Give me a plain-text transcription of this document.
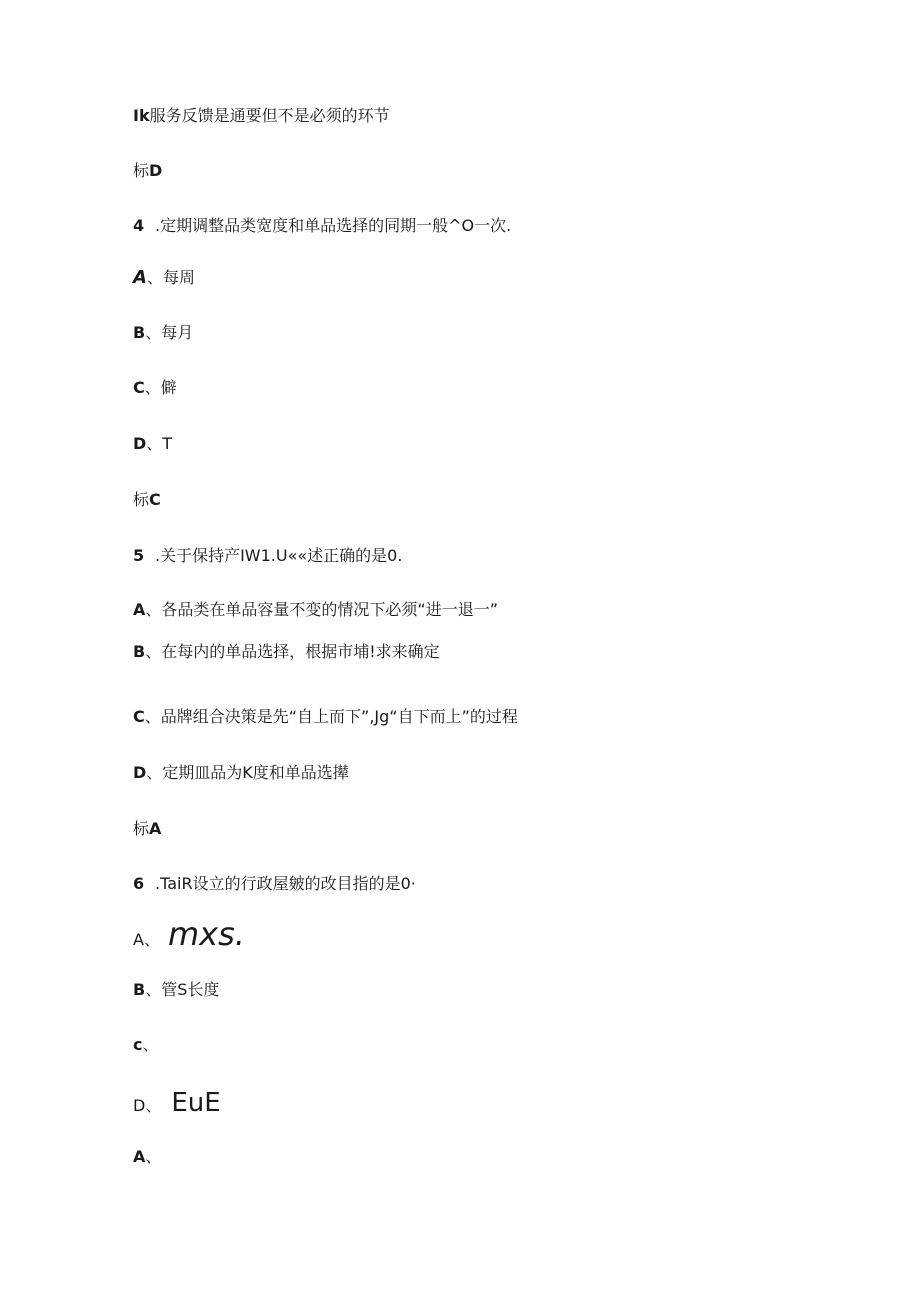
Ik服务反馈是通要但不是必须的环节
标D
4 .定期调整品类宽度和单品选择的同期一般^O一次.
A、每周
B、每月
C、僻
D、T
标C
5 .关于保持产IW1.U««述正确的是0.
A、各品类在单品容量不变的情况下必须“进一退一”
B、在每内的单品选择，根据市埔!求来确定
C、品牌组合决策是先“自上而下”,Jg“自下而上”的过程
D、定期皿品为K度和单品选撵
标A
6 .TaiR设立的行政屋皴的改目指的是0·
A、 mxs.
B、管S长度
c、
D、 EuE
A、
